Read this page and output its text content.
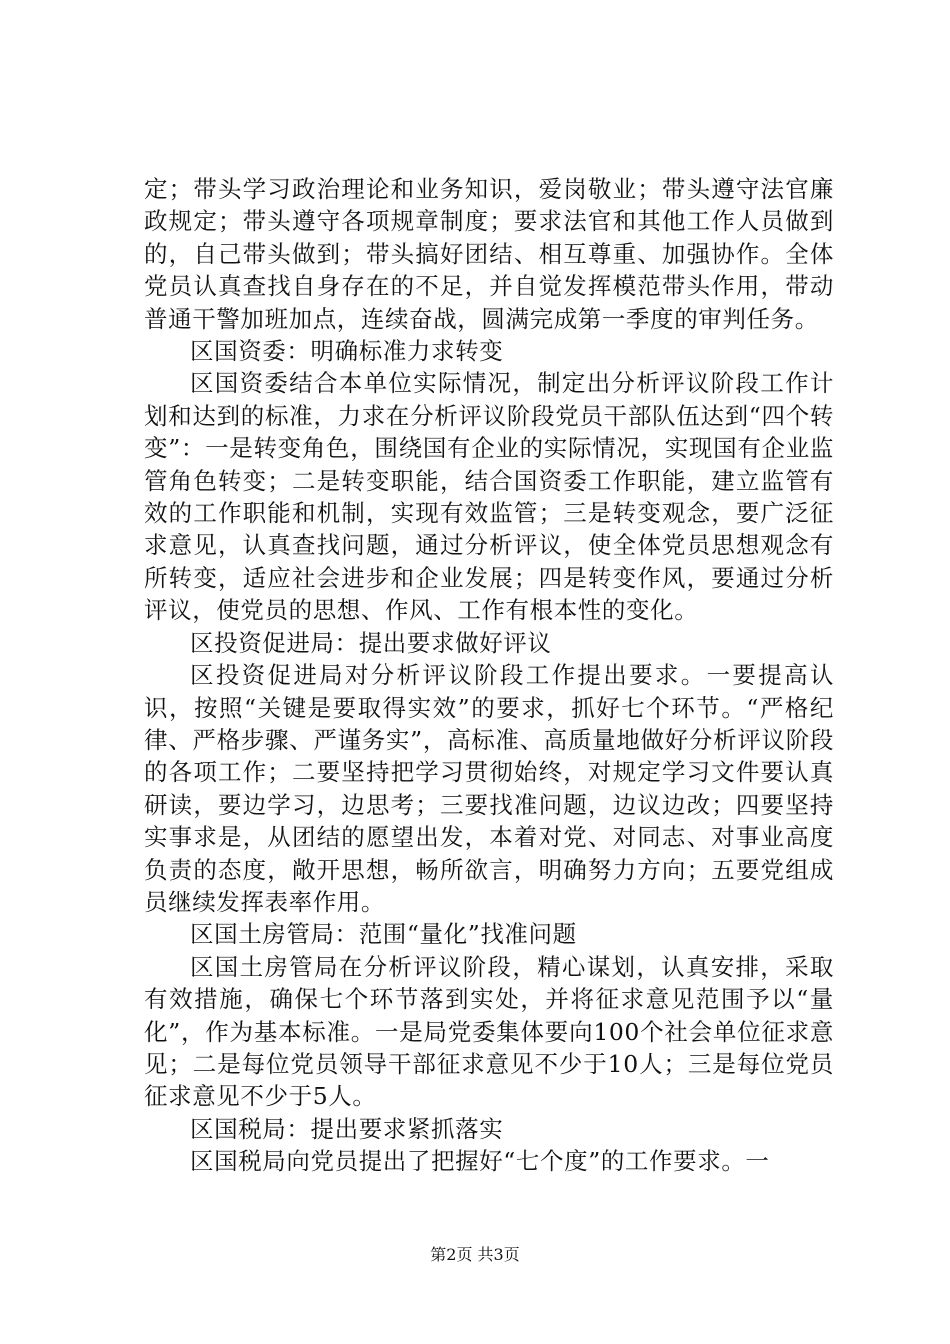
定；带头学习政治理论和业务知识，爱岗敬业；带头遵守法官廉政规定；带头遵守各项规章制度；要求法官和其他工作人员做到的，自己带头做到；带头搞好团结、相互尊重、加强协作。全体党员认真查找自身存在的不足，并自觉发挥模范带头作用，带动普通干警加班加点，连续奋战，圆满完成第一季度的审判任务。

区国资委：明确标准力求转变

区国资委结合本单位实际情况，制定出分析评议阶段工作计划和达到的标准，力求在分析评议阶段党员干部队伍达到“四个转变”：一是转变角色，围绕国有企业的实际情况，实现国有企业监管角色转变；二是转变职能，结合国资委工作职能，建立监管有效的工作职能和机制，实现有效监管；三是转变观念，要广泛征求意见，认真查找问题，通过分析评议，使全体党员思想观念有所转变，适应社会进步和企业发展；四是转变作风，要通过分析评议，使党员的思想、作风、工作有根本性的变化。

区投资促进局：提出要求做好评议

区投资促进局对分析评议阶段工作提出要求。一要提高认识，按照“关键是要取得实效”的要求，抓好七个环节。“严格纪律、严格步骤、严谨务实”，高标准、高质量地做好分析评议阶段的各项工作；二要坚持把学习贯彻始终，对规定学习文件要认真研读，要边学习，边思考；三要找准问题，边议边改；四要坚持实事求是，从团结的愿望出发，本着对党、对同志、对事业高度负责的态度，敞开思想，畅所欲言，明确努力方向；五要党组成员继续发挥表率作用。

区国土房管局：范围“量化”找准问题

区国土房管局在分析评议阶段，精心谋划，认真安排，采取有效措施，确保七个环节落到实处，并将征求意见范围予以“量化”，作为基本标准。一是局党委集体要向100个社会单位征求意见；二是每位党员领导干部征求意见不少于10人；三是每位党员征求意见不少于5人。

区国税局：提出要求紧抓落实

区国税局向党员提出了把握好“七个度”的工作要求。一

第2页 共3页
